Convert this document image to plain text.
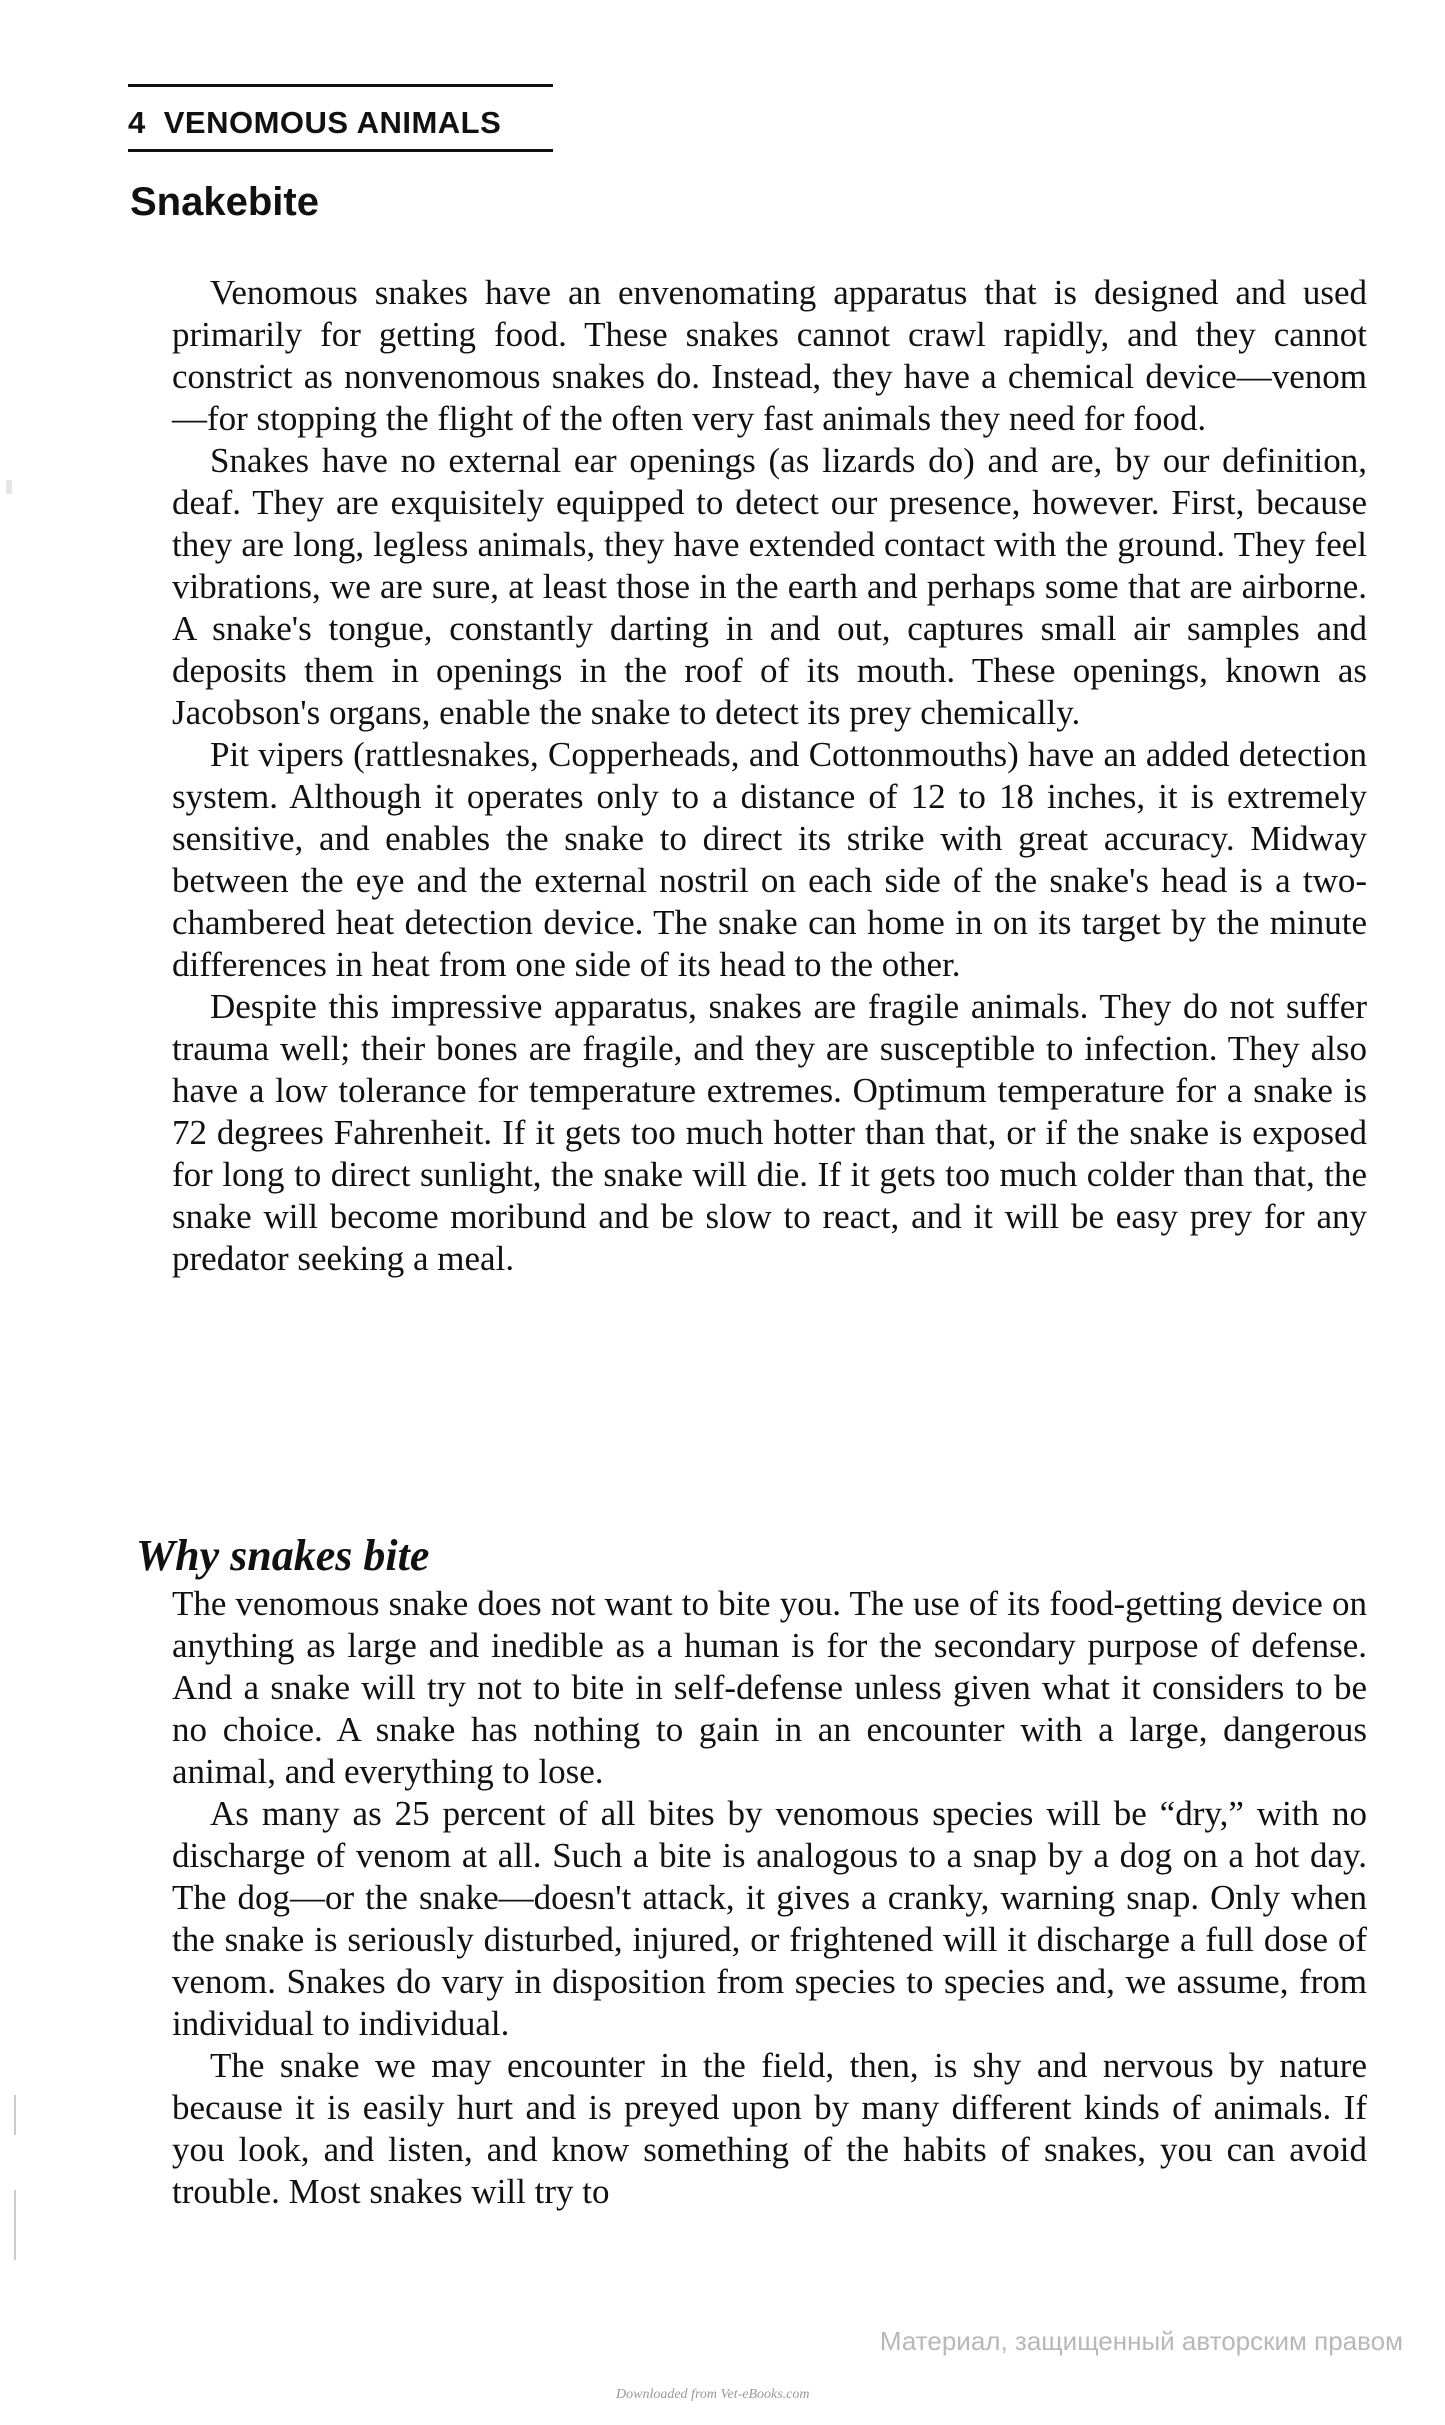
4 VENOMOUS ANIMALS
Snakebite

Venomous snakes have an envenomating apparatus that is designed and used primarily for getting food. These snakes cannot crawl rapidly, and they cannot constrict as nonvenomous snakes do. Instead, they have a chemical device—venom—for stopping the flight of the often very fast animals they need for food.

Snakes have no external ear openings (as lizards do) and are, by our definition, deaf. They are exquisitely equipped to detect our presence, however. First, because they are long, legless animals, they have extended contact with the ground. They feel vibrations, we are sure, at least those in the earth and perhaps some that are airborne. A snake's tongue, constantly darting in and out, captures small air samples and deposits them in openings in the roof of its mouth. These openings, known as Jacobson's organs, enable the snake to detect its prey chemically.

Pit vipers (rattlesnakes, Copperheads, and Cottonmouths) have an added detection system. Although it operates only to a distance of 12 to 18 inches, it is extremely sensitive, and enables the snake to direct its strike with great accuracy. Midway between the eye and the external nostril on each side of the snake's head is a two-chambered heat detection device. The snake can home in on its target by the minute differences in heat from one side of its head to the other.

Despite this impressive apparatus, snakes are fragile animals. They do not suffer trauma well; their bones are fragile, and they are susceptible to infection. They also have a low tolerance for temperature extremes. Optimum temperature for a snake is 72 degrees Fahrenheit. If it gets too much hotter than that, or if the snake is exposed for long to direct sunlight, the snake will die. If it gets too much colder than that, the snake will become moribund and be slow to react, and it will be easy prey for any predator seeking a meal.

Why snakes bite

The venomous snake does not want to bite you. The use of its food-getting device on anything as large and inedible as a human is for the secondary purpose of defense. And a snake will try not to bite in self-defense unless given what it considers to be no choice. A snake has nothing to gain in an encounter with a large, dangerous animal, and everything to lose.

As many as 25 percent of all bites by venomous species will be “dry,” with no discharge of venom at all. Such a bite is analogous to a snap by a dog on a hot day. The dog—or the snake—doesn't attack, it gives a cranky, warning snap. Only when the snake is seriously disturbed, injured, or frightened will it discharge a full dose of venom. Snakes do vary in disposition from species to species and, we assume, from individual to individual.

The snake we may encounter in the field, then, is shy and nervous by nature because it is easily hurt and is preyed upon by many different kinds of animals. If you look, and listen, and know something of the habits of snakes, you can avoid trouble. Most snakes will try to

Материал, защищенный авторским правом
Downloaded from Vet-eBooks.com
